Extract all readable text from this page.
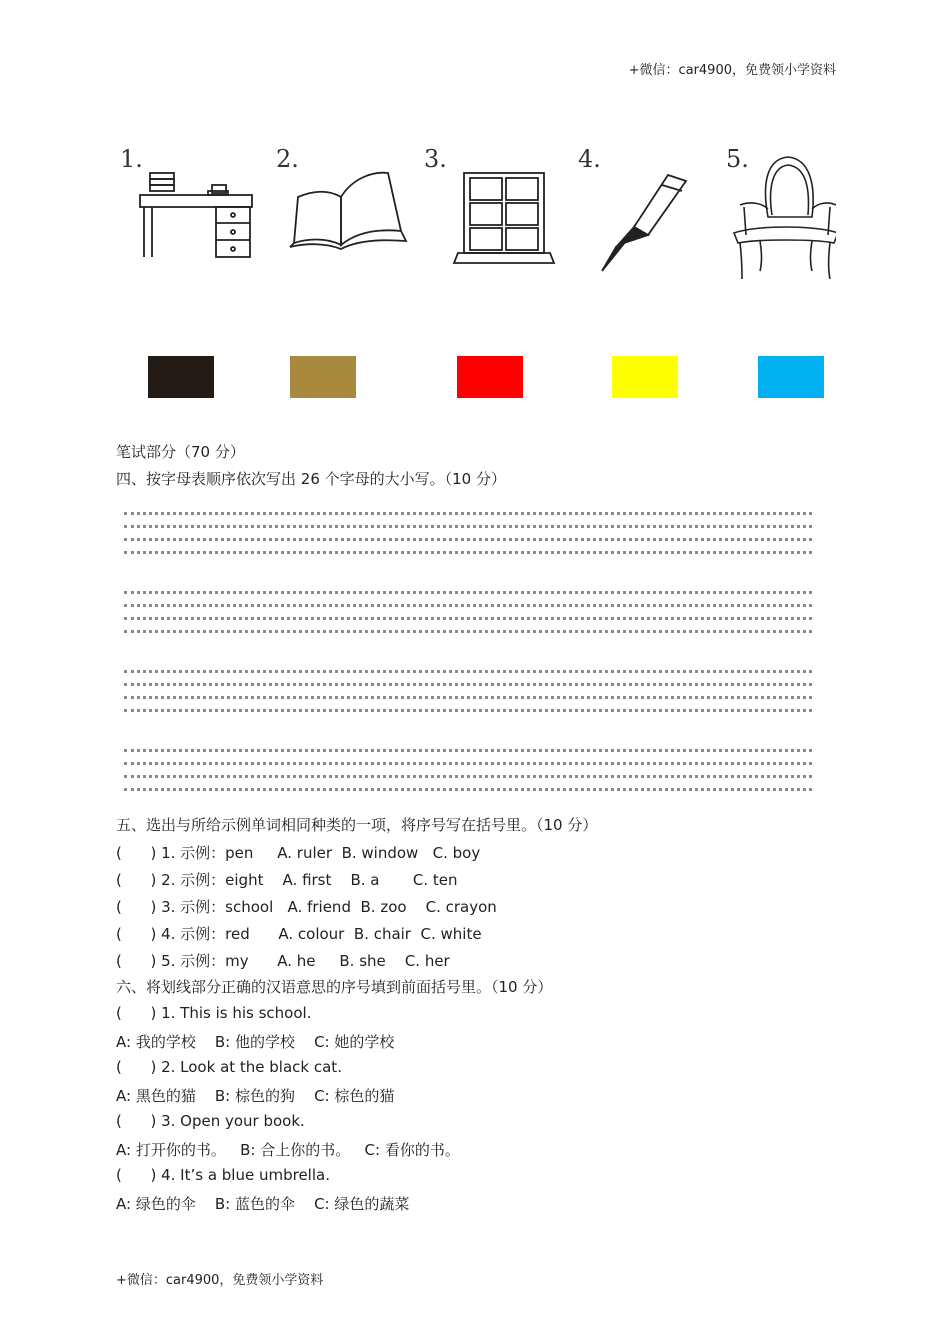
+微信：car4900，免费领小学资料
1.	2.	3.	4.	5.
笔试部分（70 分）
四、按字母表顺序依次写出 26 个字母的大小写。（10 分）
五、选出与所给示例单词相同种类的一项，将序号写在括号里。（10 分）
(      ) 1. 示例：pen     A. ruler  B. window   C. boy
(      ) 2. 示例：eight    A. first    B. a       C. ten
(      ) 3. 示例：school   A. friend  B. zoo    C. crayon
(      ) 4. 示例：red      A. colour  B. chair  C. white
(      ) 5. 示例：my      A. he     B. she    C. her
六、将划线部分正确的汉语意思的序号填到前面括号里。（10 分）
(      ) 1. This is his school.
A: 我的学校    B: 他的学校    C: 她的学校
(      ) 2. Look at the black cat.
A: 黑色的猫    B: 棕色的狗    C: 棕色的猫
(      ) 3. Open your book.
A: 打开你的书。   B: 合上你的书。   C: 看你的书。
(      ) 4. It’s a blue umbrella.
A: 绿色的伞    B: 蓝色的伞    C: 绿色的蔬菜
+微信：car4900，免费领小学资料
